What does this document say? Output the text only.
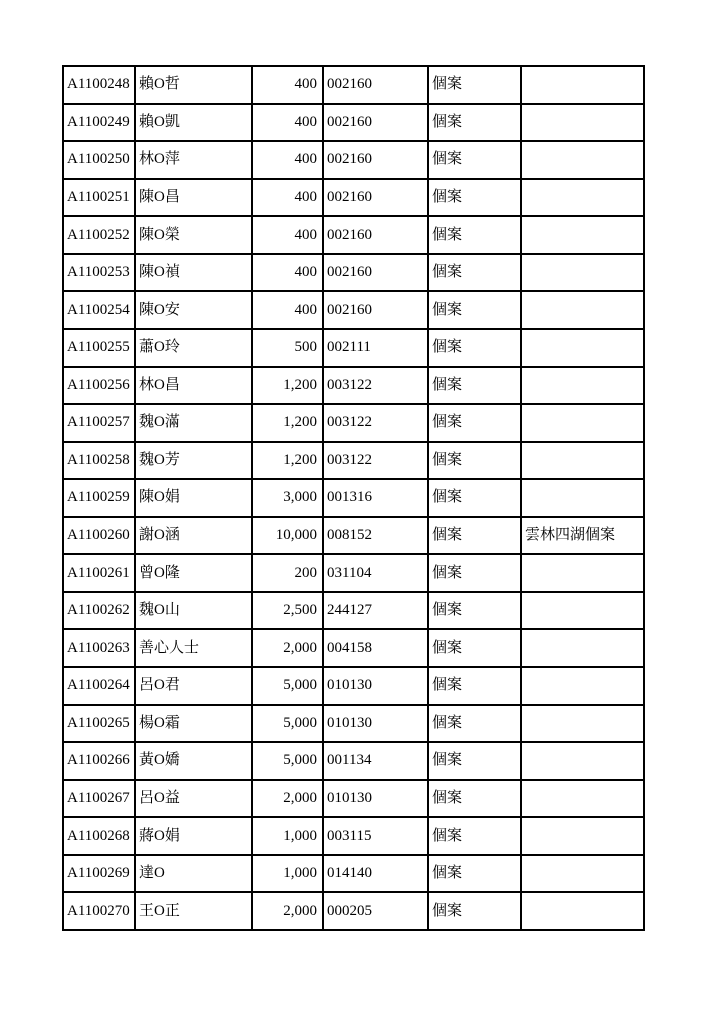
A1100248	賴O哲	400	002160	個案	
A1100249	賴O凱	400	002160	個案	
A1100250	林O萍	400	002160	個案	
A1100251	陳O昌	400	002160	個案	
A1100252	陳O榮	400	002160	個案	
A1100253	陳O禎	400	002160	個案	
A1100254	陳O安	400	002160	個案	
A1100255	蕭O玲	500	002111	個案	
A1100256	林O昌	1,200	003122	個案	
A1100257	魏O滿	1,200	003122	個案	
A1100258	魏O芳	1,200	003122	個案	
A1100259	陳O娟	3,000	001316	個案	
A1100260	謝O涵	10,000	008152	個案	雲林四湖個案
A1100261	曾O隆	200	031104	個案	
A1100262	魏O山	2,500	244127	個案	
A1100263	善心人士	2,000	004158	個案	
A1100264	呂O君	5,000	010130	個案	
A1100265	楊O霜	5,000	010130	個案	
A1100266	黃O嬌	5,000	001134	個案	
A1100267	呂O益	2,000	010130	個案	
A1100268	蔣O娟	1,000	003115	個案	
A1100269	達O	1,000	014140	個案	
A1100270	王O正	2,000	000205	個案	
